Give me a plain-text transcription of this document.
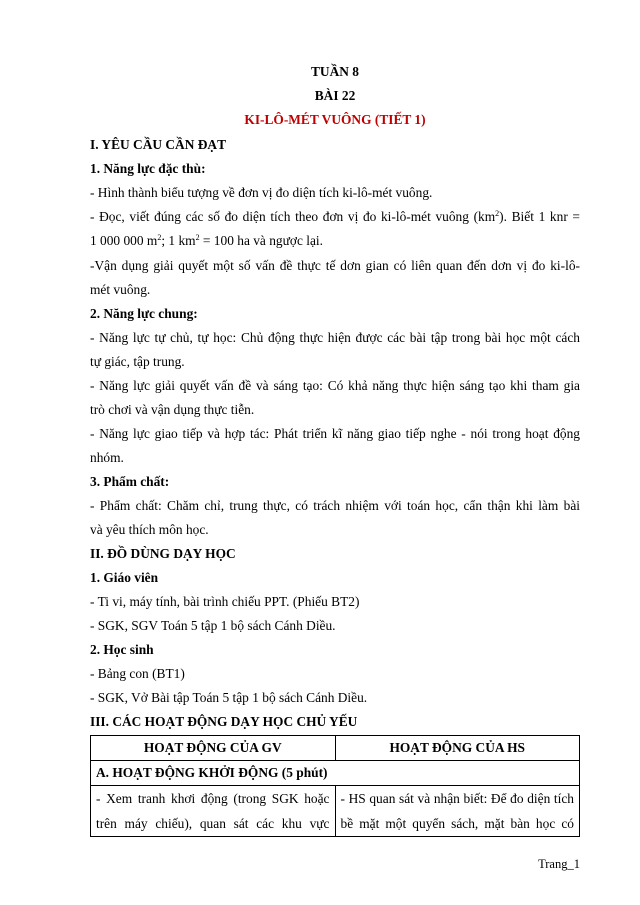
TUẦN 8
BÀI 22
KI-LÔ-MÉT VUÔNG (TIẾT 1)
I. YÊU CẦU CẦN ĐẠT
1. Năng lực đặc thù:
- Hình thành biểu tượng về đơn vị đo diện tích ki-lô-mét vuông.
- Đọc, viết đúng các số đo diện tích theo đơn vị đo ki-lô-mét vuông $(km^2)$. Biết 1 knr =
1 000 000 $m^2$; 1 $km^2 = 100$ ha và ngược lại.
-Vận dụng giải quyết một số vấn đề thực tế dơn gian có liên quan đến dơn vị đo ki-lô-
mét vuông.
2. Năng lực chung:
- Năng lực tự chủ, tự học: Chủ động thực hiện được các bài tập trong bài học một cách
tự giác, tập trung.
- Năng lực giải quyết vấn đề và sáng tạo: Có khả năng thực hiện sáng tạo khi tham gia
trò chơi và vận dụng thực tiễn.
- Năng lực giao tiếp và hợp tác: Phát triển kĩ năng giao tiếp nghe - nói trong hoạt động
nhóm.
3. Phẩm chất:
- Phẩm chất: Chăm chỉ, trung thực, có trách nhiệm với toán học, cẩn thận khi làm bài
và yêu thích môn học.
II. ĐỒ DÙNG DẠY HỌC
1. Giáo viên
- Ti vi, máy tính, bài trình chiếu PPT. (Phiếu BT2)
- SGK, SGV Toán 5 tập 1 bộ sách Cánh Diều.
2. Học sinh
- Bảng con (BT1)
- SGK, Vở Bài tập Toán 5 tập 1 bộ sách Cánh Diều.
III. CÁC HOẠT ĐỘNG DẠY HỌC CHỦ YẾU
HOẠT ĐỘNG CỦA GV	HOẠT ĐỘNG CỦA HS
A. HOẠT ĐỘNG KHỞI ĐỘNG (5 phút)	

- Xem tranh khơi động (trong SGK hoặc
trên máy chiếu), quan sát các khu vực	- HS quan sát và nhận biết: Để đo diện tích
bề mặt một quyển sách, mặt bàn học có
Trang_1
